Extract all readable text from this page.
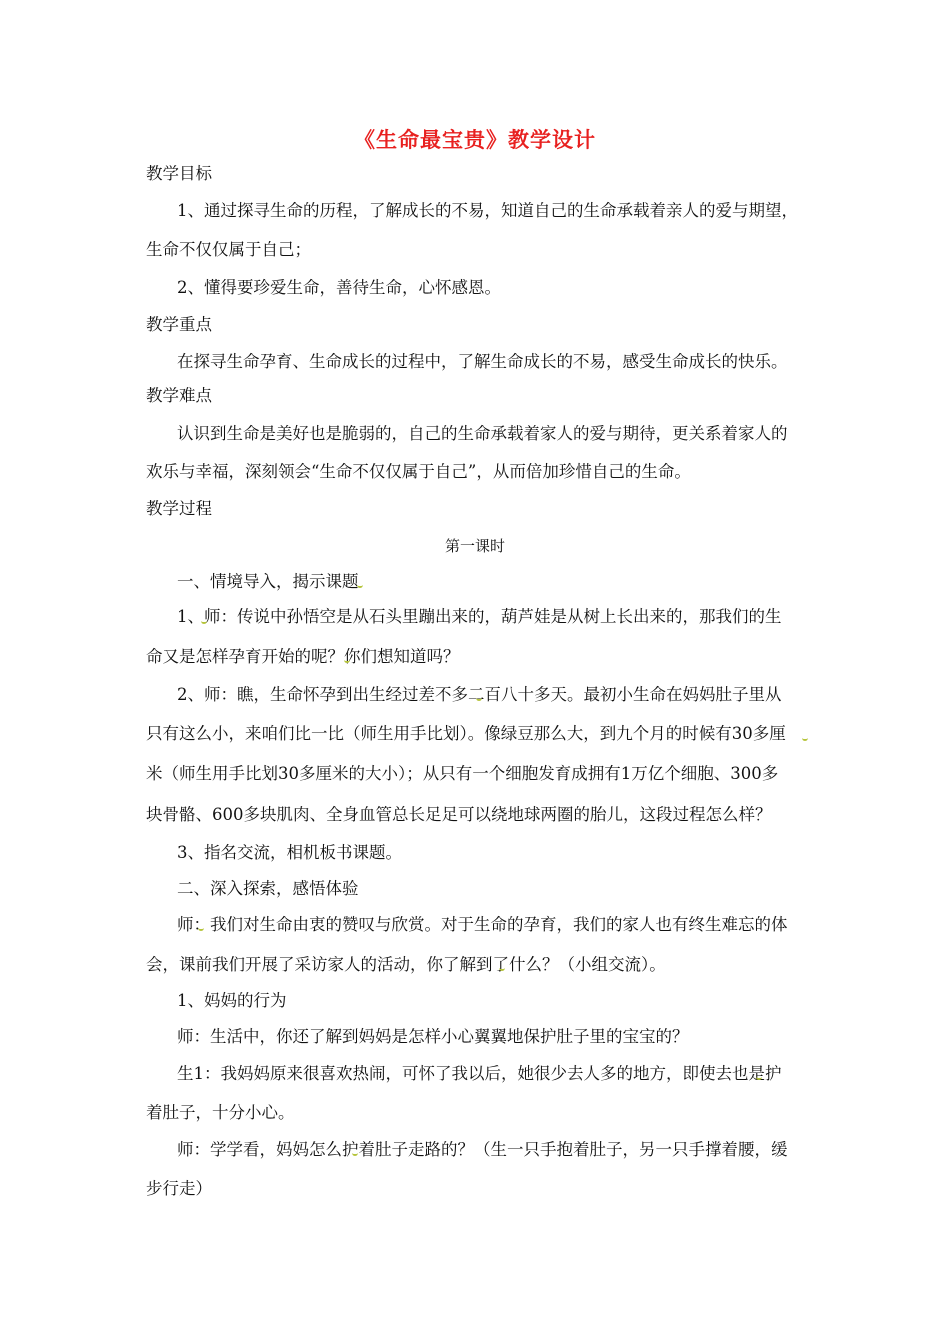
《生命最宝贵》教学设计
教学目标
1、通过探寻生命的历程，了解成长的不易，知道自己的生命承载着亲人的爱与期望，
生命不仅仅属于自己；
2、懂得要珍爱生命，善待生命，心怀感恩。
教学重点
在探寻生命孕育、生命成长的过程中，了解生命成长的不易，感受生命成长的快乐。
教学难点
认识到生命是美好也是脆弱的，自己的生命承载着家人的爱与期待，更关系着家人的
欢乐与幸福，深刻领会“生命不仅仅属于自己”，从而倍加珍惜自己的生命。
教学过程
第一课时
一、情境导入，揭示课题
1、师：传说中孙悟空是从石头里蹦出来的，葫芦娃是从树上长出来的，那我们的生
命又是怎样孕育开始的呢？你们想知道吗？
2、师：瞧，生命怀孕到出生经过差不多二百八十多天。最初小生命在妈妈肚子里从
只有这么小，来咱们比一比（师生用手比划）。像绿豆那么大，到九个月的时候有30多厘
米（师生用手比划30多厘米的大小）；从只有一个细胞发育成拥有1万亿个细胞、300多
块骨骼、600多块肌肉、全身血管总长足足可以绕地球两圈的胎儿，这段过程怎么样？
3、指名交流，相机板书课题。
二、深入探索，感悟体验
师：我们对生命由衷的赞叹与欣赏。对于生命的孕育，我们的家人也有终生难忘的体
会，课前我们开展了采访家人的活动，你了解到了什么？（小组交流）。
1、妈妈的行为
师：生活中，你还了解到妈妈是怎样小心翼翼地保护肚子里的宝宝的？
生1：我妈妈原来很喜欢热闹，可怀了我以后，她很少去人多的地方，即使去也是护
着肚子，十分小心。
师：学学看，妈妈怎么护着肚子走路的？（生一只手抱着肚子，另一只手撑着腰，缓
步行走）
